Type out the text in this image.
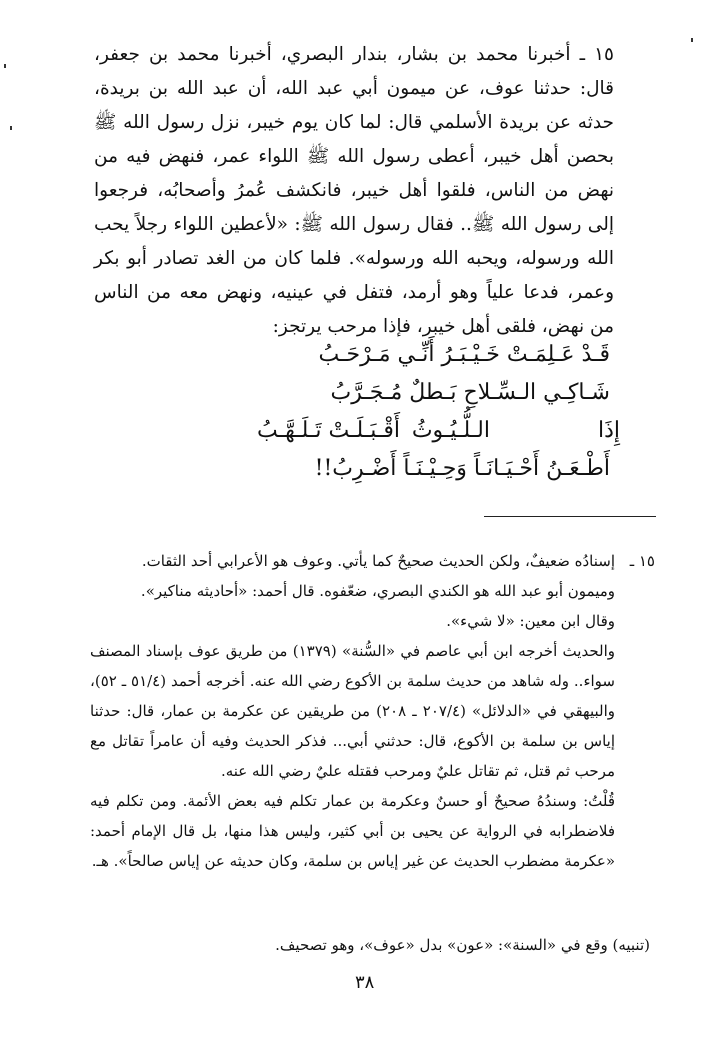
١٥ ـ أخبرنا محمد بن بشار، بندار البصري، أخبرنا محمد بن جعفر، قال: حدثنا عوف، عن ميمون أبي عبد الله، أن عبد الله بن بريدة، حدثه عن بريدة الأسلمي قال: لما كان يوم خيبر، نزل رسول الله ﷺ بحصن أهل خيبر، أعطى رسول الله ﷺ اللواء عمر، فنهض فيه من نهض من الناس، فلقوا أهل خيبر، فانكشف عُمرُ وأصحابُه، فرجعوا إلى رسول الله ﷺ.. فقال رسول الله ﷺ: «لأعطين اللواء رجلاً يحب الله ورسوله، ويحبه الله ورسوله». فلما كان من الغد تصادر أبو بكر وعمر، فدعا علياً وهو أرمد، فتفل في عينيه، ونهض معه من الناس من نهض، فلقى أهل خيبر، فإذا مرحب يرتجز:

قَـدْ عَـلِمَـتْ خَـيْـبَـرُ أَنِّـي مَـرْحَـبُ
شَـاكِـي الـسِّـلاحِ بَـطلٌ مُـجَـرَّبُ
إِذَا
الـلُّـيُـوثُ
أَقْـبَـلَـتْ تَـلَـهَّـبُ
أَطْـعَـنُ أَحْـيَـانَـاً وَحِـيْـنَـاً أَضْـرِبُ!!
١٥ ـ

إسنادُه ضعيفٌ، ولكن الحديث صحيحٌ كما يأتي. وعوف هو الأعرابي أحد الثقات.

وميمون أبو عبد الله هو الكندي البصري، ضعّفوه. قال أحمد: «أحاديثه مناكير».

وقال ابن معين: «لا شيء».

والحديث أخرجه ابن أبي عاصم في «السُّنة» (١٣٧٩) من طريق عوف بإسناد المصنف سواء.. وله شاهد من حديث سلمة بن الأكوع رضي الله عنه. أخرجه أحمد (٥١/٤ ـ ٥٢)، والبيهقي في «الدلائل» (٢٠٧/٤ ـ ٢٠٨) من طريقين عن عكرمة بن عمار، قال: حدثنا إياس بن سلمة بن الأكوع، قال: حدثني أبي... فذكر الحديث وفيه أن عامراً تقاتل مع مرحب ثم قتل، ثم تقاتل عليٌ ومرحب فقتله عليٌ رضي الله عنه.

قُلْتُ: وسندُهُ صحيحٌ أو حسنٌ وعكرمة بن عمار تكلم فيه بعض الأئمة. ومن تكلم فيه فلاضطرابه في الرواية عن يحيى بن أبي كثير، وليس هذا منها، بل قال الإمام أحمد: «عكرمة مضطرب الحديث عن غير إياس بن سلمة، وكان حديثه عن إياس صالحاً». هـ.

(تنبيه) وقع في «السنة»: «عون» بدل «عوف»، وهو تصحيف.
٣٨
